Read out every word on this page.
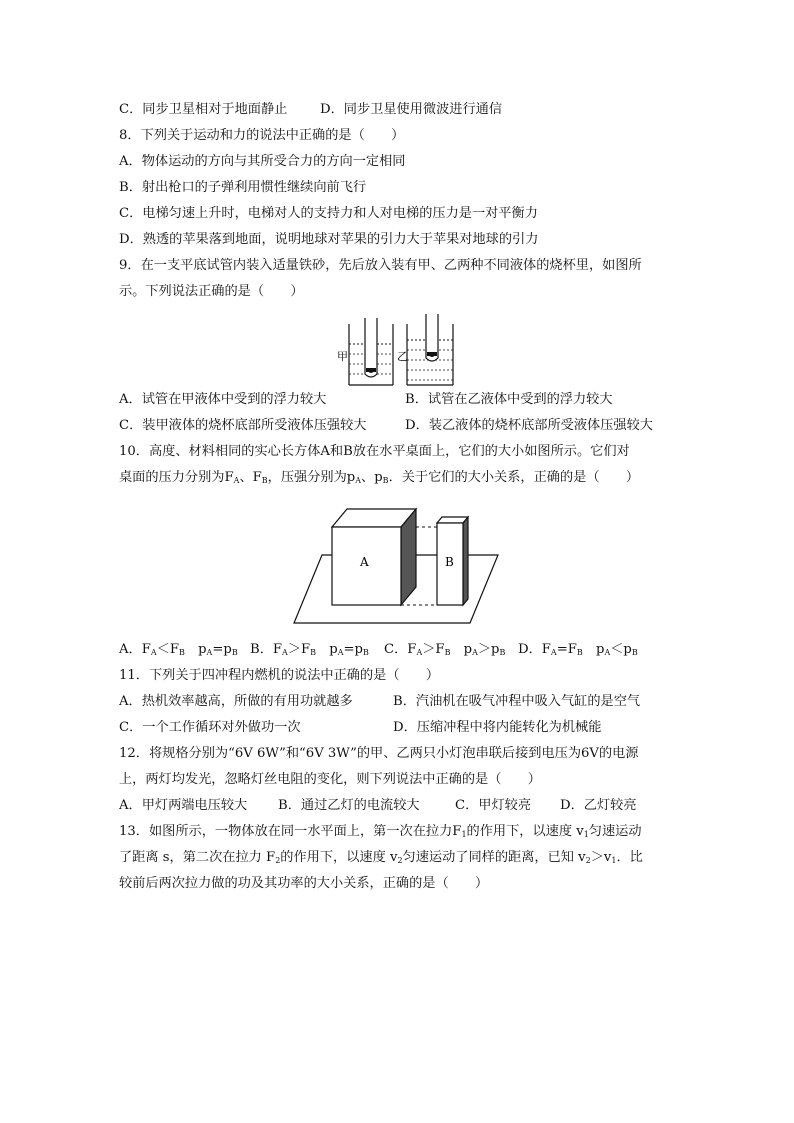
C．同步卫星相对于地面静止 D．同步卫星使用微波进行通信
8．下列关于运动和力的说法中正确的是（　　）
A．物体运动的方向与其所受合力的方向一定相同
B．射出枪口的子弹利用惯性继续向前飞行
C．电梯匀速上升时，电梯对人的支持力和人对电梯的压力是一对平衡力
D．熟透的苹果落到地面，说明地球对苹果的引力大于苹果对地球的引力
9．在一支平底试管内装入适量铁砂，先后放入装有甲、乙两种不同液体的烧杯里，如图所
示。下列说法正确的是（　　）
甲	乙
A．试管在甲液体中受到的浮力较大	B．试管在乙液体中受到的浮力较大
C．装甲液体的烧杯底部所受液体压强较大	D．装乙液体的烧杯底部所受液体压强较大
10．高度、材料相同的实心长方体A和B放在水平桌面上，它们的大小如图所示。它们对
桌面的压力分别为$F_A$、$F_B$，压强分别为$p_A$、$p_B$．关于它们的大小关系，正确的是（　　）
A	B
A．$F_A<F_B$　$p_A=p_B$ B．$F_A>F_B$　$p_A=p_B$ C．$F_A>F_B$　$p_A>p_B$ D．$F_A=F_B$　$p_A<p_B$
11．下列关于四冲程内燃机的说法中正确的是（　　）
A．热机效率越高，所做的有用功就越多	B．汽油机在吸气冲程中吸入气缸的是空气
C．一个工作循环对外做功一次	D．压缩冲程中将内能转化为机械能
12．将规格分别为“6V 6W”和“6V 3W”的甲、乙两只小灯泡串联后接到电压为6V的电源
上，两灯均发光，忽略灯丝电阻的变化，则下列说法中正确的是（　　）
A．甲灯两端电压较大 B．通过乙灯的电流较大	C．甲灯较亮 D．乙灯较亮
13．如图所示，一物体放在同一水平面上，第一次在拉力$F_1$的作用下，以速度 $v_1$匀速运动
了距离 s，第二次在拉力 $F_2$的作用下，以速度 $v_2$匀速运动了同样的距离，已知 $v_2>v_1$．比
较前后两次拉力做的功及其功率的大小关系，正确的是（　　）
